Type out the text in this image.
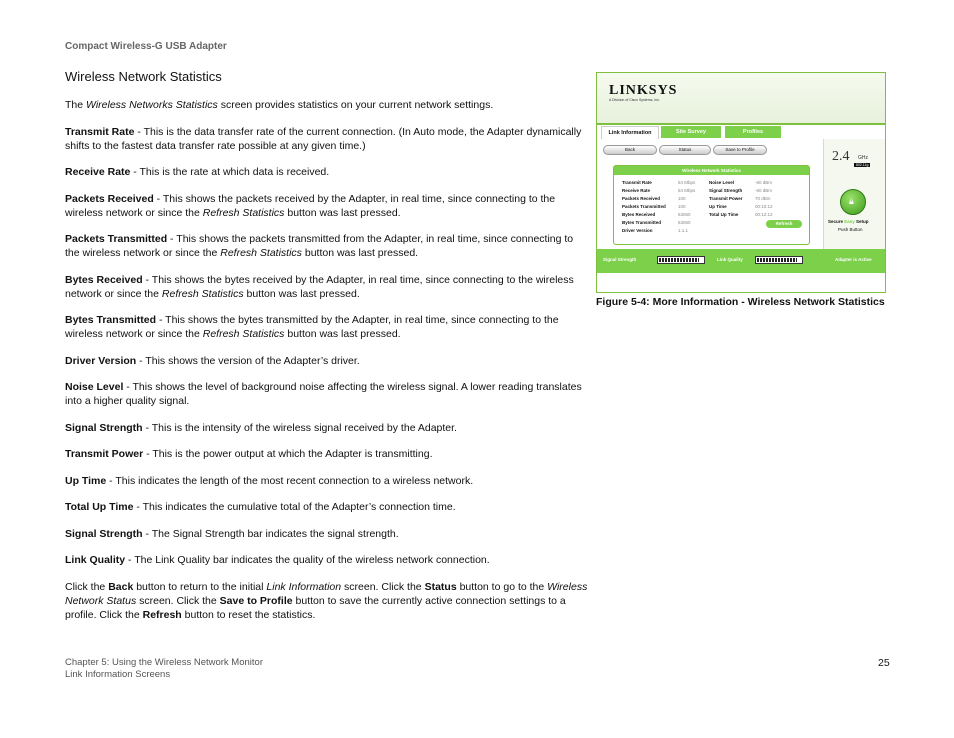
Compact Wireless-G USB Adapter
Wireless Network Statistics

The Wireless Networks Statistics screen provides statistics on your current network settings.

Transmit Rate - This is the data transfer rate of the current connection. (In Auto mode, the Adapter dynamically shifts to the fastest data transfer rate possible at any given time.)

Receive Rate - This is the rate at which data is received.

Packets Received - This shows the packets received by the Adapter, in real time, since connecting to the wireless network or since the Refresh Statistics button was last pressed.

Packets Transmitted - This shows the packets transmitted from the Adapter, in real time, since connecting to the wireless network or since the Refresh Statistics button was last pressed.

Bytes Received - This shows the bytes received by the Adapter, in real time, since connecting to the wireless network or since the Refresh Statistics button was last pressed.

Bytes Transmitted - This shows the bytes transmitted by the Adapter, in real time, since connecting to the wireless network or since the Refresh Statistics button was last pressed.

Driver Version - This shows the version of the Adapter’s driver.

Noise Level - This shows the level of background noise affecting the wireless signal. A lower reading translates into a higher quality signal.

Signal Strength - This is the intensity of the wireless signal received by the Adapter.

Transmit Power - This is the power output at which the Adapter is transmitting.

Up Time - This indicates the length of the most recent connection to a wireless network.

Total Up Time - This indicates the cumulative total of the Adapter’s connection time.

Signal Strength - The Signal Strength bar indicates the signal strength.

Link Quality - The Link Quality bar indicates the quality of the wireless network connection.

Click the Back button to return to the initial Link Information screen. Click the Status button to go to the Wireless Network Status screen. Click the Save to Profile button to save the currently active connection settings to a profile. Click the Refresh button to reset the statistics.

LINKSYS
A Division of Cisco Systems, Inc.
Link Information	Site Survey	Profiles
Back	Status	Save to Profile
Wireless Network Statistics
Transmit Rate	54 Mbps
Receive Rate	54 Mbps
Packets Received	100
Packets Transmitted	100
Bytes Received	63060
Bytes Transmitted	63060
Driver Version	1.1.1
Noise Level	-60 dBm
Signal Strength	-60 dBm
Transmit Power	70 dBm
Up Time	00:10:12
Total Up Time	00:12:12
Refresh
2.4 GHz
802.11g
🔒︎
Secure Easy Setup
Push Button
Signal Strength	Link Quality	Adapter is Active
Figure 5-4: More Information - Wireless Network Statistics
Chapter 5: Using the Wireless Network Monitor
Link Information Screens
25
